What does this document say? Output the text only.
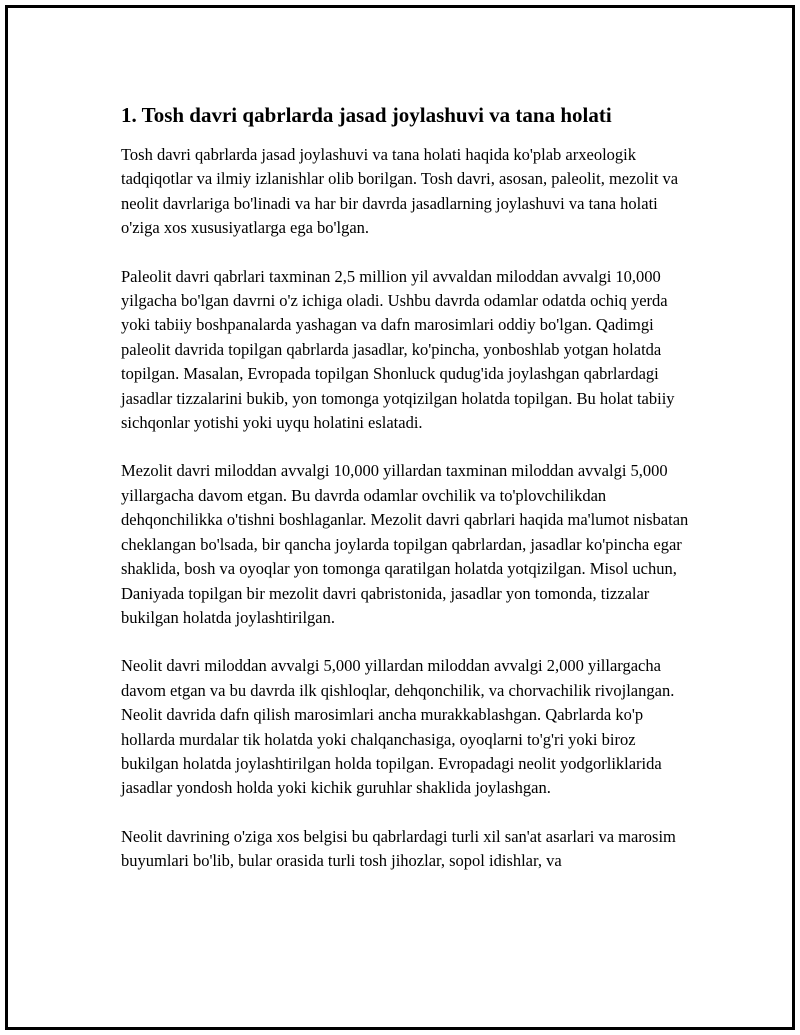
1. Tosh davri qabrlarda jasad joylashuvi va tana holati

Tosh davri qabrlarda jasad joylashuvi va tana holati haqida ko'plab arxeologik tadqiqotlar va ilmiy izlanishlar olib borilgan. Tosh davri, asosan, paleolit, mezolit va neolit davrlariga bo'linadi va har bir davrda jasadlarning joylashuvi va tana holati o'ziga xos xususiyatlarga ega bo'lgan.

Paleolit davri qabrlari taxminan 2,5 million yil avvaldan miloddan avvalgi 10,000 yilgacha bo'lgan davrni o'z ichiga oladi. Ushbu davrda odamlar odatda ochiq yerda yoki tabiiy boshpanalarda yashagan va dafn marosimlari oddiy bo'lgan. Qadimgi paleolit davrida topilgan qabrlarda jasadlar, ko'pincha, yonboshlab yotgan holatda topilgan. Masalan, Evropada topilgan Shonluck qudug'ida joylashgan qabrlardagi jasadlar tizzalarini bukib, yon tomonga yotqizilgan holatda topilgan. Bu holat tabiiy sichqonlar yotishi yoki uyqu holatini eslatadi.

Mezolit davri miloddan avvalgi 10,000 yillardan taxminan miloddan avvalgi 5,000 yillargacha davom etgan. Bu davrda odamlar ovchilik va to'plovchilikdan dehqonchilikka o'tishni boshlaganlar. Mezolit davri qabrlari haqida ma'lumot nisbatan cheklangan bo'lsada, bir qancha joylarda topilgan qabrlardan, jasadlar ko'pincha egar shaklida, bosh va oyoqlar yon tomonga qaratilgan holatda yotqizilgan. Misol uchun, Daniyada topilgan bir mezolit davri qabristonida, jasadlar yon tomonda, tizzalar bukilgan holatda joylashtirilgan.

Neolit davri miloddan avvalgi 5,000 yillardan miloddan avvalgi 2,000 yillargacha davom etgan va bu davrda ilk qishloqlar, dehqonchilik, va chorvachilik rivojlangan. Neolit davrida dafn qilish marosimlari ancha murakkablashgan. Qabrlarda ko'p hollarda murdalar tik holatda yoki chalqanchasiga, oyoqlarni to'g'ri yoki biroz bukilgan holatda joylashtirilgan holda topilgan. Evropadagi neolit yodgorliklarida jasadlar yondosh holda yoki kichik guruhlar shaklida joylashgan.

Neolit davrining o'ziga xos belgisi bu qabrlardagi turli xil san'at asarlari va marosim buyumlari bo'lib, bular orasida turli tosh jihozlar, sopol idishlar, va
